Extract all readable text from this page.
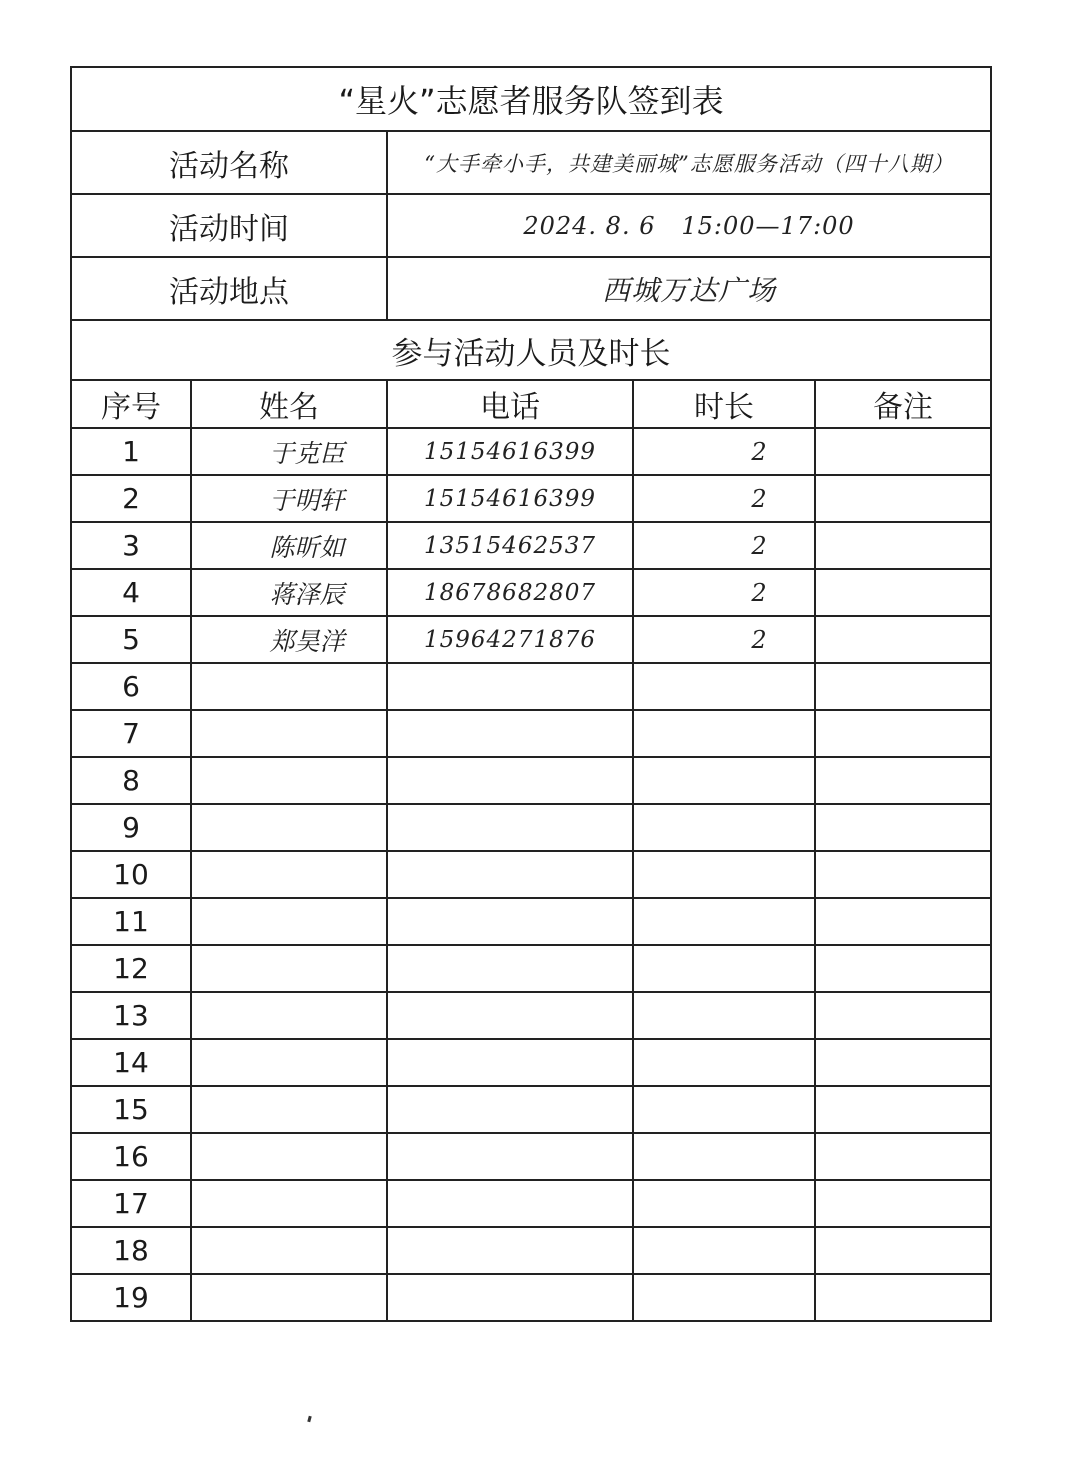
“星火”志愿者服务队签到表				
活动名称		“大手牵小手，共建美丽城”志愿服务活动（四十八期）		
活动时间		2024. 8. 6   15:00—17:00		
活动地点		西城万达广场		
参与活动人员及时长				
序号	姓名	电话	时长	备注
1	于克臣	15154616399	2	
2	于明轩	15154616399	2	
3	陈昕如	13515462537	2	
4	蒋泽辰	18678682807	2	
5	郑昊洋	15964271876	2	
6				
7				
8				
9				
10				
11				
12				
13				
14				
15				
16				
17				
18				
19				
